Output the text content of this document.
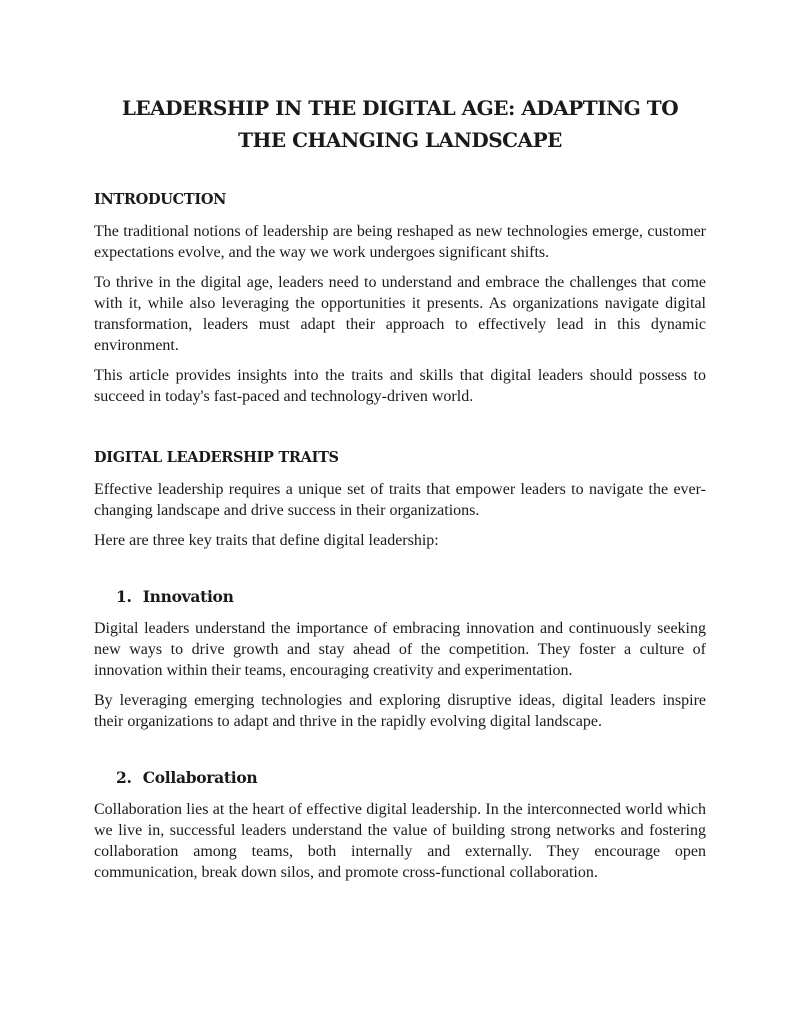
LEADERSHIP IN THE DIGITAL AGE: ADAPTING TO
THE CHANGING LANDSCAPE
INTRODUCTION

The traditional notions of leadership are being reshaped as new technologies emerge, customer expectations evolve, and the way we work undergoes significant shifts.

To thrive in the digital age, leaders need to understand and embrace the challenges that come with it, while also leveraging the opportunities it presents. As organizations navigate digital transformation, leaders must adapt their approach to effectively lead in this dynamic environment.

This article provides insights into the traits and skills that digital leaders should possess to succeed in today's fast-paced and technology-driven world.

DIGITAL LEADERSHIP TRAITS

Effective leadership requires a unique set of traits that empower leaders to navigate the ever-changing landscape and drive success in their organizations.

Here are three key traits that define digital leadership:

1. Innovation

Digital leaders understand the importance of embracing innovation and continuously seeking new ways to drive growth and stay ahead of the competition. They foster a culture of innovation within their teams, encouraging creativity and experimentation.

By leveraging emerging technologies and exploring disruptive ideas, digital leaders inspire their organizations to adapt and thrive in the rapidly evolving digital landscape.

2. Collaboration

Collaboration lies at the heart of effective digital leadership. In the interconnected world which we live in, successful leaders understand the value of building strong networks and fostering collaboration among teams, both internally and externally. They encourage open communication, break down silos, and promote cross-functional collaboration.
